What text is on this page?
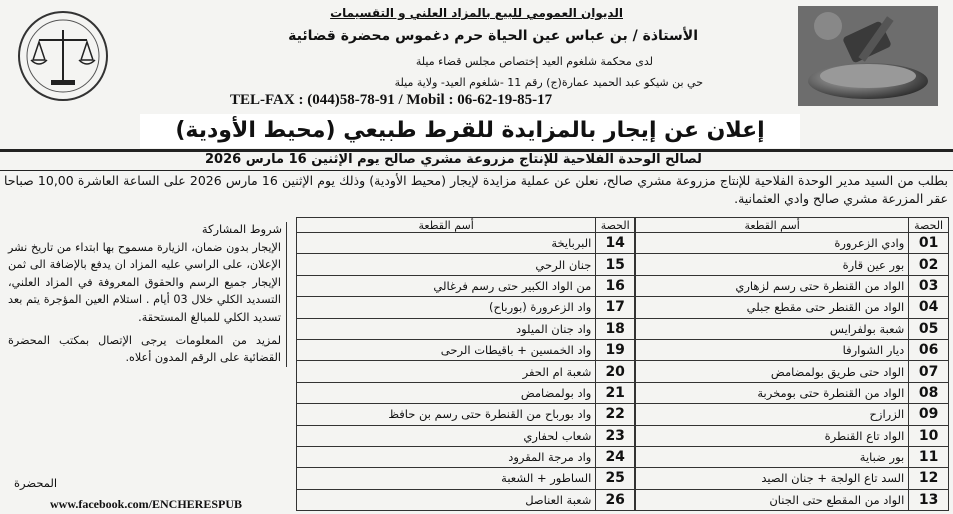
الديوان العمومي للبيع بالمزاد العلني و التقسيمات
الأستاذة / بن عباس عين الحياة حرم دغموس محضرة قضائية
لدى محكمة شلغوم العيد إختصاص مجلس قضاء ميلة
حي بن شيكو عبد الحميد عمارة(ج) رقم 11 -شلغوم العيد- ولاية ميلة
TEL-FAX : (044)58-78-91 / Mobil : 06-62-19-85-17
إعلان عن إيجار بالمزايدة للقرط طبيعي (محيط الأودية)
لصالح الوحدة الفلاحية للإنتاج مزروعة مشري صالح يوم الإثنين 16 مارس 2026
بطلب من السيد مدير الوحدة الفلاحية للإنتاج مزروعة مشري صالح، نعلن عن عملية مزايدة لإيجار (محيط الأودية) وذلك يوم الإثنين 16 مارس 2026 على الساعة العاشرة 10,00 صباحا عقر المزرعة مشري صالح وادي العثمانية.
الحصة	أسم القطعة
01	وادي الزعرورة
02	بور عين قارة
03	الواد من القنطرة حتى رسم لزهاري
04	الواد من القنطر حتى مقطع جبلي
05	شعبة بولفرايس
06	ديار الشوارفا
07	الواد حتى طريق بولمضامض
08	الواد من القنطرة حتى بومخربة
09	الزرازح
10	الواد تاع القنطرة
11	بور ضباية
12	السد تاع الولجة + جنان الصيد
13	الواد من المقطع حتى الجنان
الحصة	أسم القطعة
14	البربايخة
15	جنان الرحي
16	من الواد الكبير حتى رسم فرغالي
17	واد الزعرورة (بورباح)
18	واد جنان الميلود
19	واد الخمسين + باقيطات الرحى
20	شعبة ام الحفر
21	واد بولمضامض
22	واد بورباح من القنطرة حتى رسم بن حافظ
23	شعاب لحفاري
24	واد مرجة المقرود
25	الساطور + الشعبة
26	شعبة العناصل
شروط المشاركة
الإيجار بدون ضمان، الزيارة مسموح بها ابتداء من تاريخ نشر الإعلان، على الراسي عليه المزاد ان يدفع بالإضافة الى ثمن الإيجار جميع الرسم والحقوق المعروفة في المزاد العلني، التسديد الكلي خلال 03 أيام . استلام العين المؤجرة يتم بعد تسديد الكلي للمبالغ المستحقة.
لمزيد من المعلومات يرجى الإتصال بمكتب المحضرة القضائية على الرقم المدون أعلاه.
المحضرة
www.facebook.com/ENCHERESPUB
